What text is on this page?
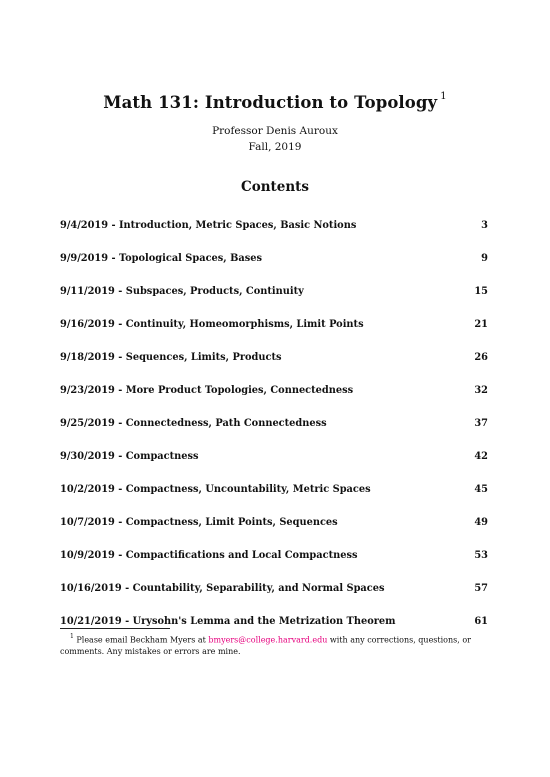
Math 131: Introduction to Topology $^1$
Professor Denis Auroux
Fall, 2019
Contents
9/4/2019 - Introduction, Metric Spaces, Basic Notions	3
9/9/2019 - Topological Spaces, Bases	9
9/11/2019 - Subspaces, Products, Continuity	15
9/16/2019 - Continuity, Homeomorphisms, Limit Points	21
9/18/2019 - Sequences, Limits, Products	26
9/23/2019 - More Product Topologies, Connectedness	32
9/25/2019 - Connectedness, Path Connectedness	37
9/30/2019 - Compactness	42
10/2/2019 - Compactness, Uncountability, Metric Spaces	45
10/7/2019 - Compactness, Limit Points, Sequences	49
10/9/2019 - Compactifications and Local Compactness	53
10/16/2019 - Countability, Separability, and Normal Spaces	57
10/21/2019 - Urysohn's Lemma and the Metrization Theorem	61
$^1$ Please email Beckham Myers at bmyers@college.harvard.edu with any corrections, questions, or comments. Any mistakes or errors are mine.
